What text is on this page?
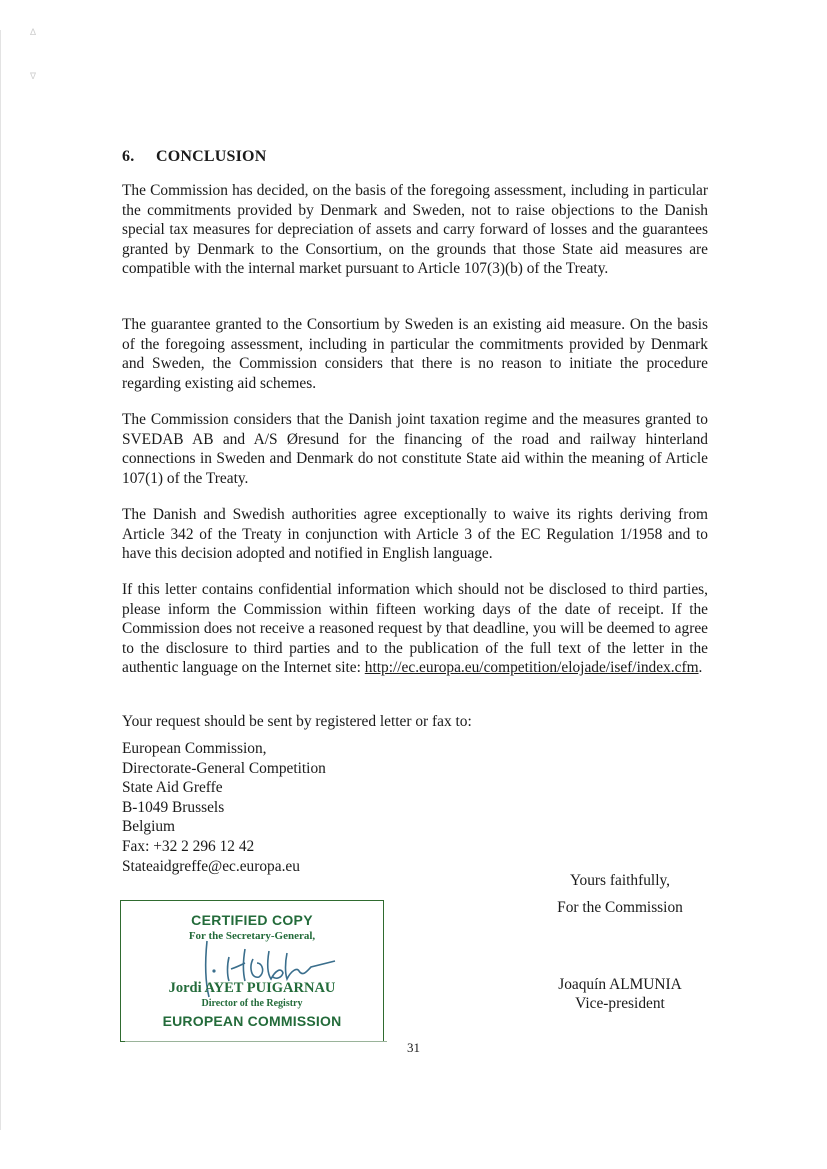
∆
∇
6. CONCLUSION

The Commission has decided, on the basis of the foregoing assessment, including in particular the commitments provided by Denmark and Sweden, not to raise objections to the Danish special tax measures for depreciation of assets and carry forward of losses and the guarantees granted by Denmark to the Consortium, on the grounds that those State aid measures are compatible with the internal market pursuant to Article 107(3)(b) of the Treaty.

The guarantee granted to the Consortium by Sweden is an existing aid measure. On the basis of the foregoing assessment, including in particular the commitments provided by Denmark and Sweden, the Commission considers that there is no reason to initiate the procedure regarding existing aid schemes.

The Commission considers that the Danish joint taxation regime and the measures granted to SVEDAB AB and A/S Øresund for the financing of the road and railway hinterland connections in Sweden and Denmark do not constitute State aid within the meaning of Article 107(1) of the Treaty.

The Danish and Swedish authorities agree exceptionally to waive its rights deriving from Article 342 of the Treaty in conjunction with Article 3 of the EC Regulation 1/1958 and to have this decision adopted and notified in English language.

If this letter contains confidential information which should not be disclosed to third parties, please inform the Commission within fifteen working days of the date of receipt. If the Commission does not receive a reasoned request by that deadline, you will be deemed to agree to the disclosure to third parties and to the publication of the full text of the letter in the authentic language on the Internet site: http://ec.europa.eu/competition/elojade/isef/index.cfm.

Your request should be sent by registered letter or fax to:

European Commission,
Directorate-General Competition
State Aid Greffe
B-1049 Brussels
Belgium
Fax: +32 2 296 12 42
Stateaidgreffe@ec.europa.eu
Yours faithfully,
For the Commission
Joaquín ALMUNIA
Vice-president
CERTIFIED COPY
For the Secretary-General,
Jordi AYET PUIGARNAU
Director of the Registry
EUROPEAN COMMISSION
31
